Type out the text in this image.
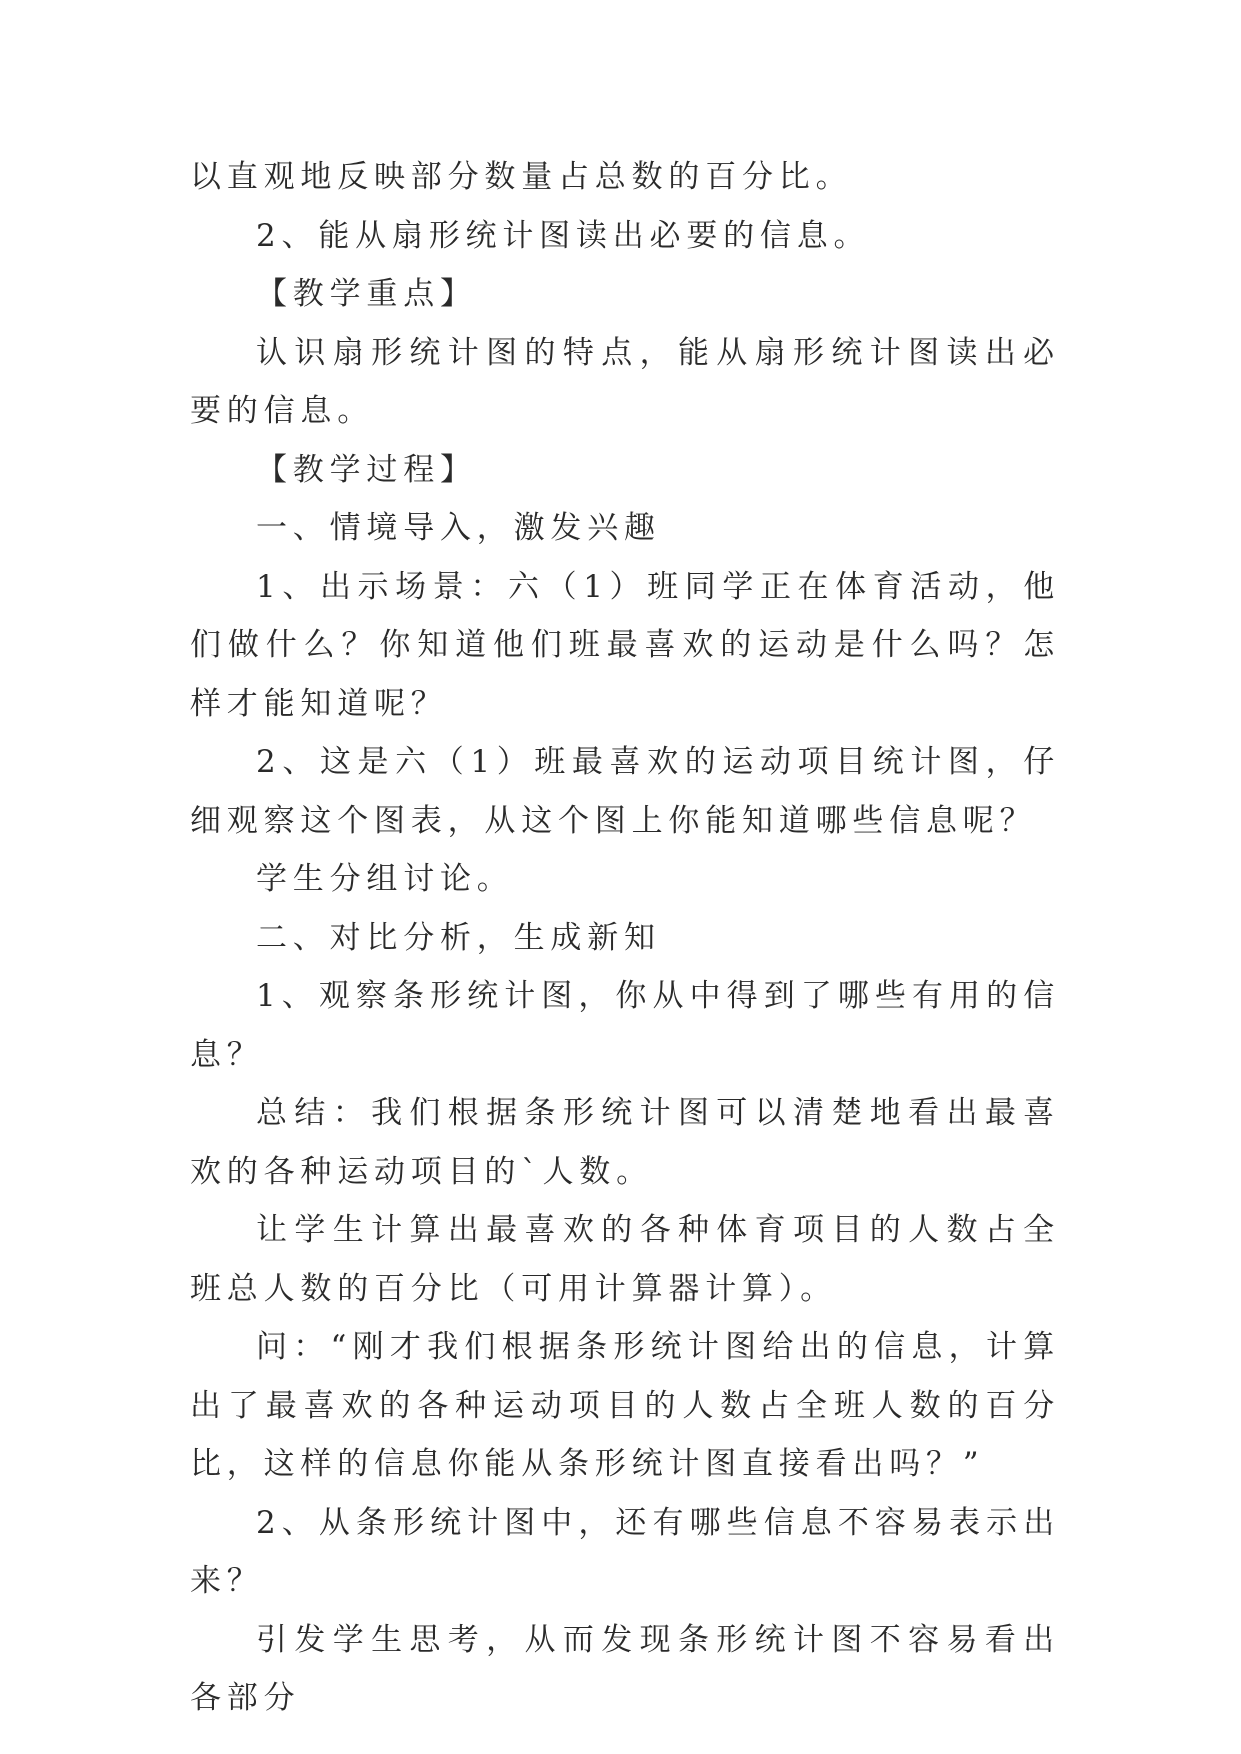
以直观地反映部分数量占总数的百分比。

2、能从扇形统计图读出必要的信息。

【教学重点】

认识扇形统计图的特点，能从扇形统计图读出必要的信息。

【教学过程】

一、情境导入，激发兴趣

1、出示场景：六（1）班同学正在体育活动，他们做什么？你知道他们班最喜欢的运动是什么吗？怎样才能知道呢？

2、这是六（1）班最喜欢的运动项目统计图，仔细观察这个图表，从这个图上你能知道哪些信息呢？

学生分组讨论。

二、对比分析，生成新知

1、观察条形统计图，你从中得到了哪些有用的信息？

总结：我们根据条形统计图可以清楚地看出最喜欢的各种运动项目的`人数。

让学生计算出最喜欢的各种体育项目的人数占全班总人数的百分比（可用计算器计算）。

问：“刚才我们根据条形统计图给出的信息，计算出了最喜欢的各种运动项目的人数占全班人数的百分比，这样的信息你能从条形统计图直接看出吗？”

2、从条形统计图中，还有哪些信息不容易表示出来？

引发学生思考，从而发现条形统计图不容易看出各部分
